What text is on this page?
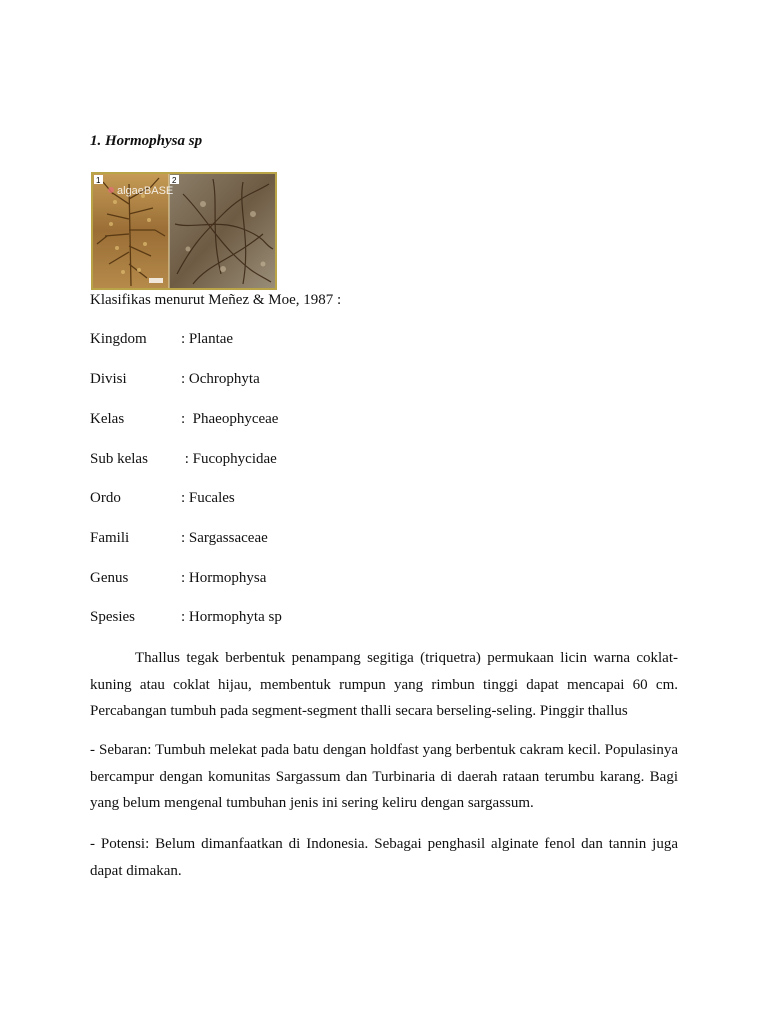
1. Hormophysa sp
1	2
algaeBASE
Klasifikas menurut Meñez & Moe, 1987 :
Kingdom : Plantae
Divisi	: Ochrophyta
Kelas	:  Phaeophyceae
Sub kelas : Fucophycidae
Ordo	: Fucales
Famili	: Sargassaceae
Genus	: Hormophysa
Spesies	: Hormophyta sp

Thallus tegak berbentuk penampang segitiga (triquetra) permukaan licin warna coklat-kuning atau coklat hijau, membentuk rumpun yang rimbun tinggi dapat mencapai 60 cm. Percabangan tumbuh pada segment-segment thalli secara berseling-seling. Pinggir thallus

- Sebaran: Tumbuh melekat pada batu dengan holdfast yang berbentuk cakram kecil. Populasinya bercampur dengan komunitas Sargassum dan Turbinaria di daerah rataan terumbu karang. Bagi yang belum mengenal tumbuhan jenis ini sering keliru dengan sargassum.

- Potensi: Belum dimanfaatkan di Indonesia. Sebagai penghasil alginate fenol dan tannin juga dapat dimakan.
